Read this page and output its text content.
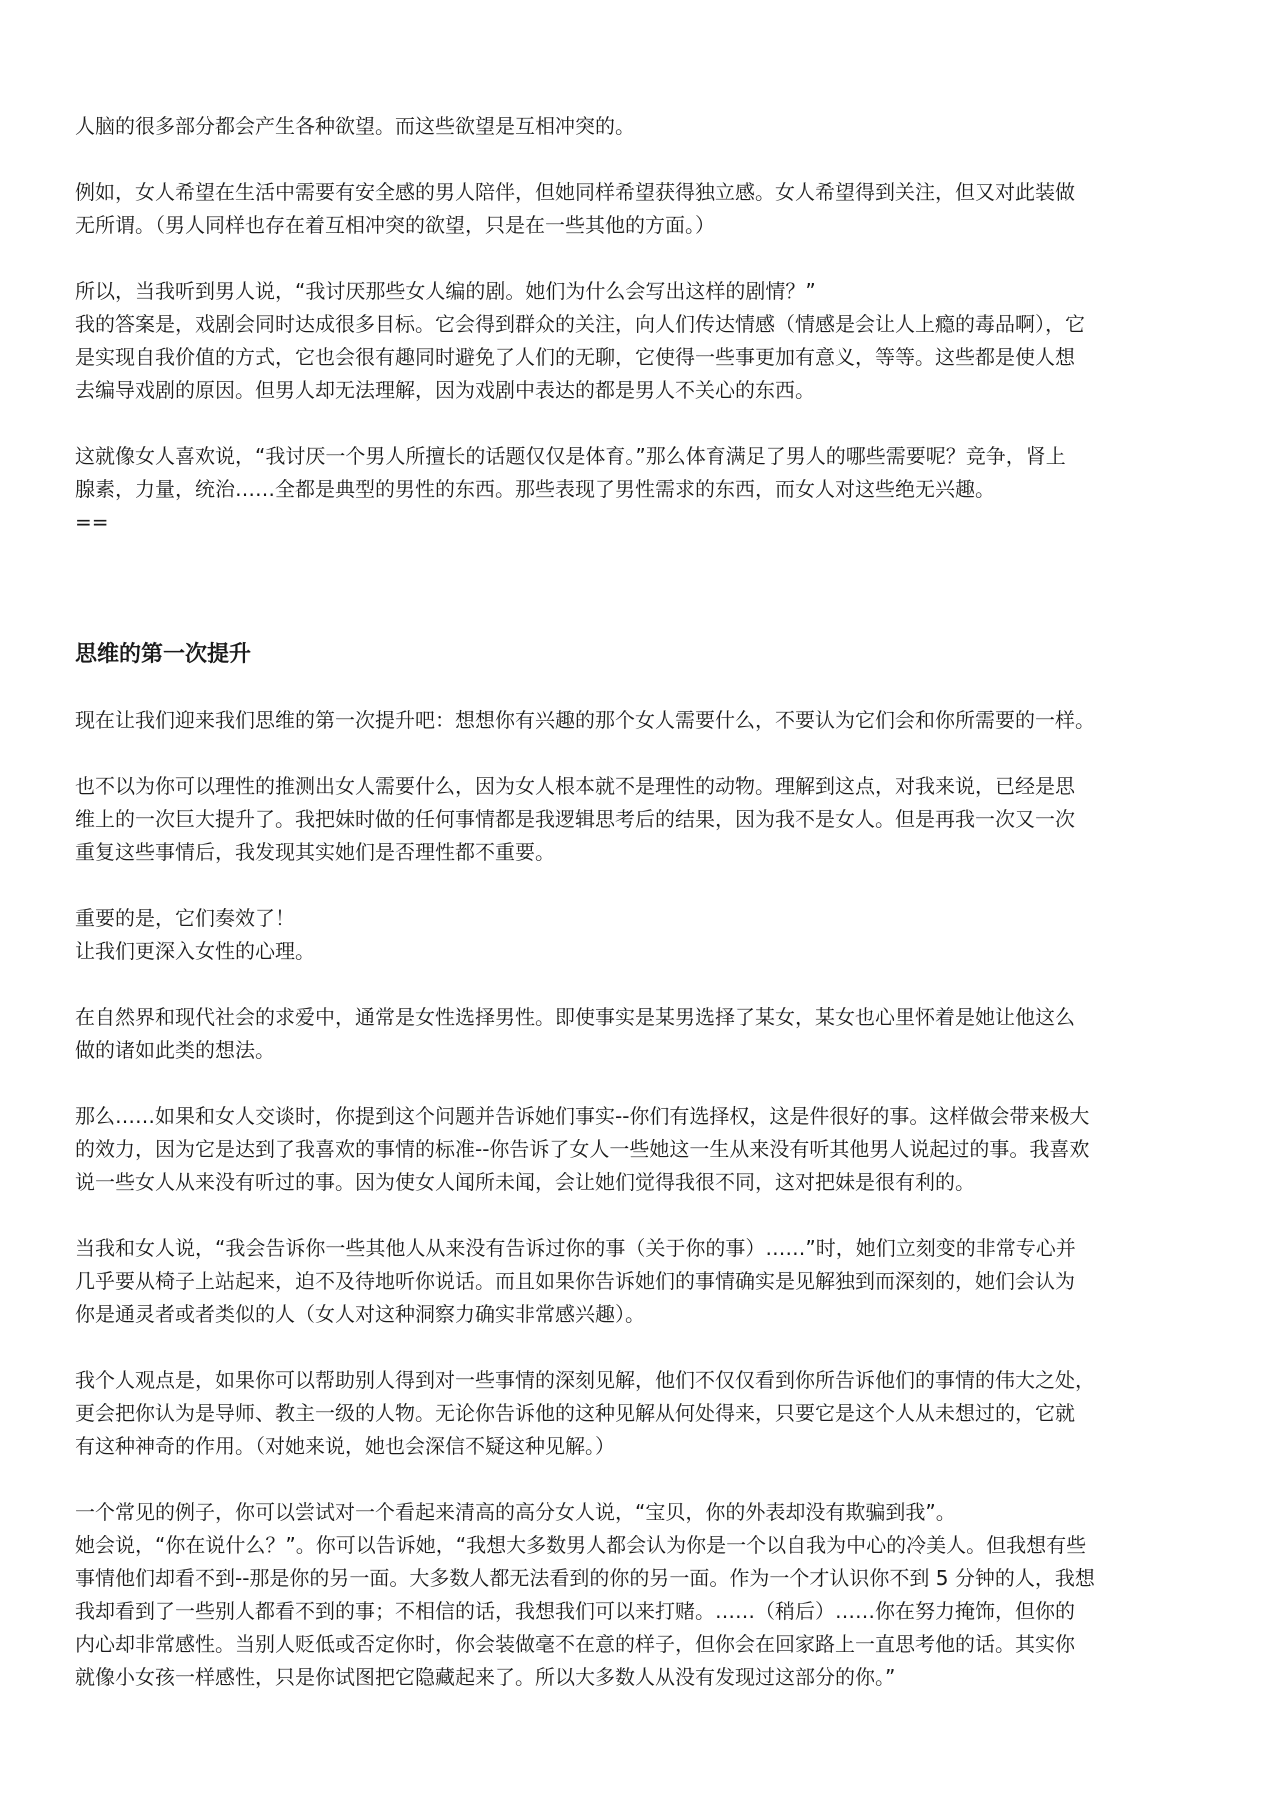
人脑的很多部分都会产生各种欲望。而这些欲望是互相冲突的。

例如，女人希望在生活中需要有安全感的男人陪伴，但她同样希望获得独立感。女人希望得到关注，但又对此装做
无所谓。（男人同样也存在着互相冲突的欲望，只是在一些其他的方面。）

所以，当我听到男人说，“我讨厌那些女人编的剧。她们为什么会写出这样的剧情？”
我的答案是，戏剧会同时达成很多目标。它会得到群众的关注，向人们传达情感（情感是会让人上瘾的毒品啊），它
是实现自我价值的方式，它也会很有趣同时避免了人们的无聊，它使得一些事更加有意义，等等。这些都是使人想
去编导戏剧的原因。但男人却无法理解，因为戏剧中表达的都是男人不关心的东西。

这就像女人喜欢说，“我讨厌一个男人所擅长的话题仅仅是体育。”那么体育满足了男人的哪些需要呢？竞争，肾上
腺素，力量，统治……全都是典型的男性的东西。那些表现了男性需求的东西，而女人对这些绝无兴趣。
==

思维的第一次提升

现在让我们迎来我们思维的第一次提升吧：想想你有兴趣的那个女人需要什么，不要认为它们会和你所需要的一样。

也不以为你可以理性的推测出女人需要什么，因为女人根本就不是理性的动物。理解到这点，对我来说，已经是思
维上的一次巨大提升了。我把妹时做的任何事情都是我逻辑思考后的结果，因为我不是女人。但是再我一次又一次
重复这些事情后，我发现其实她们是否理性都不重要。

重要的是，它们奏效了！
让我们更深入女性的心理。

在自然界和现代社会的求爱中，通常是女性选择男性。即使事实是某男选择了某女，某女也心里怀着是她让他这么
做的诸如此类的想法。

那么……如果和女人交谈时，你提到这个问题并告诉她们事实--你们有选择权，这是件很好的事。这样做会带来极大
的效力，因为它是达到了我喜欢的事情的标准--你告诉了女人一些她这一生从来没有听其他男人说起过的事。我喜欢
说一些女人从来没有听过的事。因为使女人闻所未闻，会让她们觉得我很不同，这对把妹是很有利的。

当我和女人说，“我会告诉你一些其他人从来没有告诉过你的事（关于你的事）……”时，她们立刻变的非常专心并
几乎要从椅子上站起来，迫不及待地听你说话。而且如果你告诉她们的事情确实是见解独到而深刻的，她们会认为
你是通灵者或者类似的人（女人对这种洞察力确实非常感兴趣）。

我个人观点是，如果你可以帮助别人得到对一些事情的深刻见解，他们不仅仅看到你所告诉他们的事情的伟大之处，
更会把你认为是导师、教主一级的人物。无论你告诉他的这种见解从何处得来，只要它是这个人从未想过的，它就
有这种神奇的作用。（对她来说，她也会深信不疑这种见解。）

一个常见的例子，你可以尝试对一个看起来清高的高分女人说，“宝贝，你的外表却没有欺骗到我”。
她会说，“你在说什么？”。你可以告诉她，“我想大多数男人都会认为你是一个以自我为中心的冷美人。但我想有些
事情他们却看不到--那是你的另一面。大多数人都无法看到的你的另一面。作为一个才认识你不到 5 分钟的人，我想
我却看到了一些别人都看不到的事；不相信的话，我想我们可以来打赌。……（稍后）……你在努力掩饰，但你的
内心却非常感性。当别人贬低或否定你时，你会装做毫不在意的样子，但你会在回家路上一直思考他的话。其实你
就像小女孩一样感性，只是你试图把它隐藏起来了。所以大多数人从没有发现过这部分的你。”
